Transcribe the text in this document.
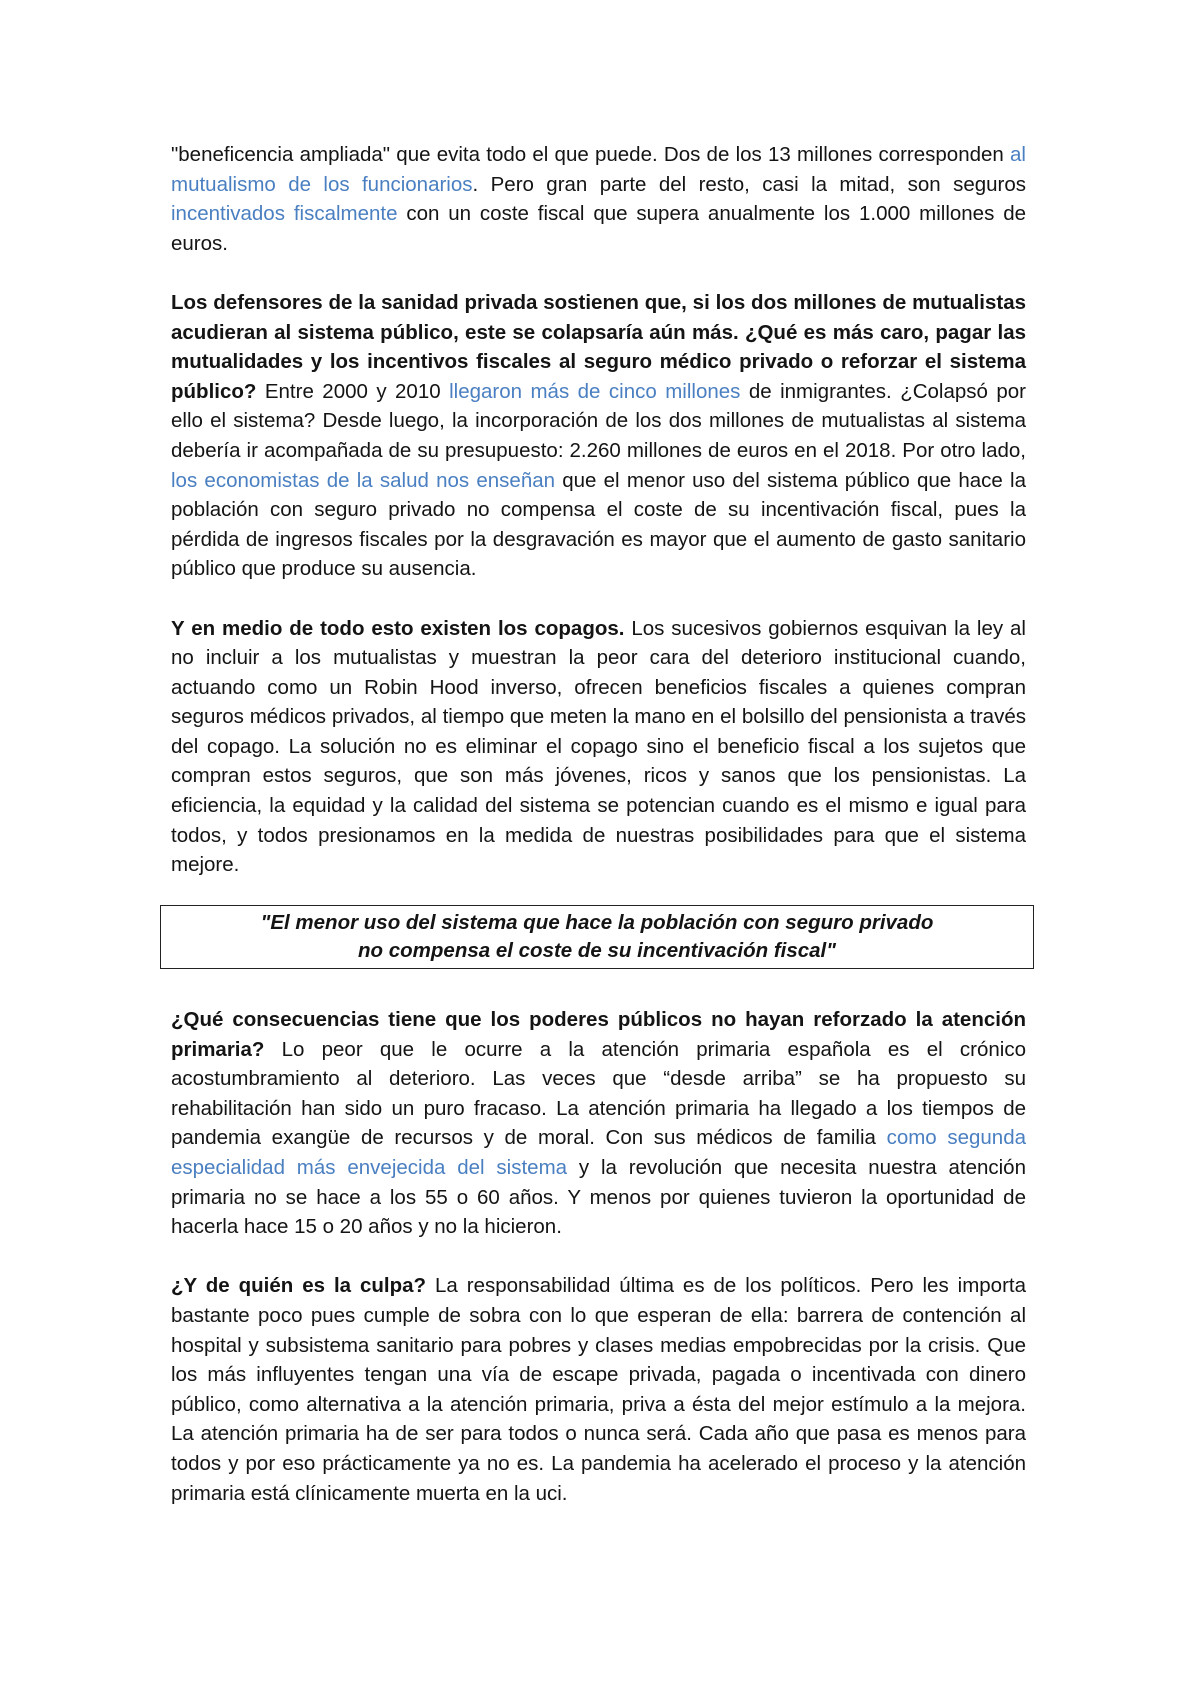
"beneficencia ampliada" que evita todo el que puede. Dos de los 13 millones corresponden al mutualismo de los funcionarios. Pero gran parte del resto, casi la mitad, son seguros incentivados fiscalmente con un coste fiscal que supera anualmente los 1.000 millones de euros.

Los defensores de la sanidad privada sostienen que, si los dos millones de mutualistas acudieran al sistema público, este se colapsaría aún más. ¿Qué es más caro, pagar las mutualidades y los incentivos fiscales al seguro médico privado o reforzar el sistema público? Entre 2000 y 2010 llegaron más de cinco millones de inmigrantes. ¿Colapsó por ello el sistema? Desde luego, la incorporación de los dos millones de mutualistas al sistema debería ir acompañada de su presupuesto: 2.260 millones de euros en el 2018. Por otro lado, los economistas de la salud nos enseñan que el menor uso del sistema público que hace la población con seguro privado no compensa el coste de su incentivación fiscal, pues la pérdida de ingresos fiscales por la desgravación es mayor que el aumento de gasto sanitario público que produce su ausencia.

Y en medio de todo esto existen los copagos. Los sucesivos gobiernos esquivan la ley al no incluir a los mutualistas y muestran la peor cara del deterioro institucional cuando, actuando como un Robin Hood inverso, ofrecen beneficios fiscales a quienes compran seguros médicos privados, al tiempo que meten la mano en el bolsillo del pensionista a través del copago. La solución no es eliminar el copago sino el beneficio fiscal a los sujetos que compran estos seguros, que son más jóvenes, ricos y sanos que los pensionistas. La eficiencia, la equidad y la calidad del sistema se potencian cuando es el mismo e igual para todos, y todos presionamos en la medida de nuestras posibilidades para que el sistema mejore.

"El menor uso del sistema que hace la población con seguro privado
no compensa el coste de su incentivación fiscal"

¿Qué consecuencias tiene que los poderes públicos no hayan reforzado la atención primaria? Lo peor que le ocurre a la atención primaria española es el crónico acostumbramiento al deterioro. Las veces que “desde arriba” se ha propuesto su rehabilitación han sido un puro fracaso. La atención primaria ha llegado a los tiempos de pandemia exangüe de recursos y de moral. Con sus médicos de familia como segunda especialidad más envejecida del sistema y la revolución que necesita nuestra atención primaria no se hace a los 55 o 60 años. Y menos por quienes tuvieron la oportunidad de hacerla hace 15 o 20 años y no la hicieron.

¿Y de quién es la culpa? La responsabilidad última es de los políticos. Pero les importa bastante poco pues cumple de sobra con lo que esperan de ella: barrera de contención al hospital y subsistema sanitario para pobres y clases medias empobrecidas por la crisis. Que los más influyentes tengan una vía de escape privada, pagada o incentivada con dinero público, como alternativa a la atención primaria, priva a ésta del mejor estímulo a la mejora. La atención primaria ha de ser para todos o nunca será. Cada año que pasa es menos para todos y por eso prácticamente ya no es. La pandemia ha acelerado el proceso y la atención primaria está clínicamente muerta en la uci.
